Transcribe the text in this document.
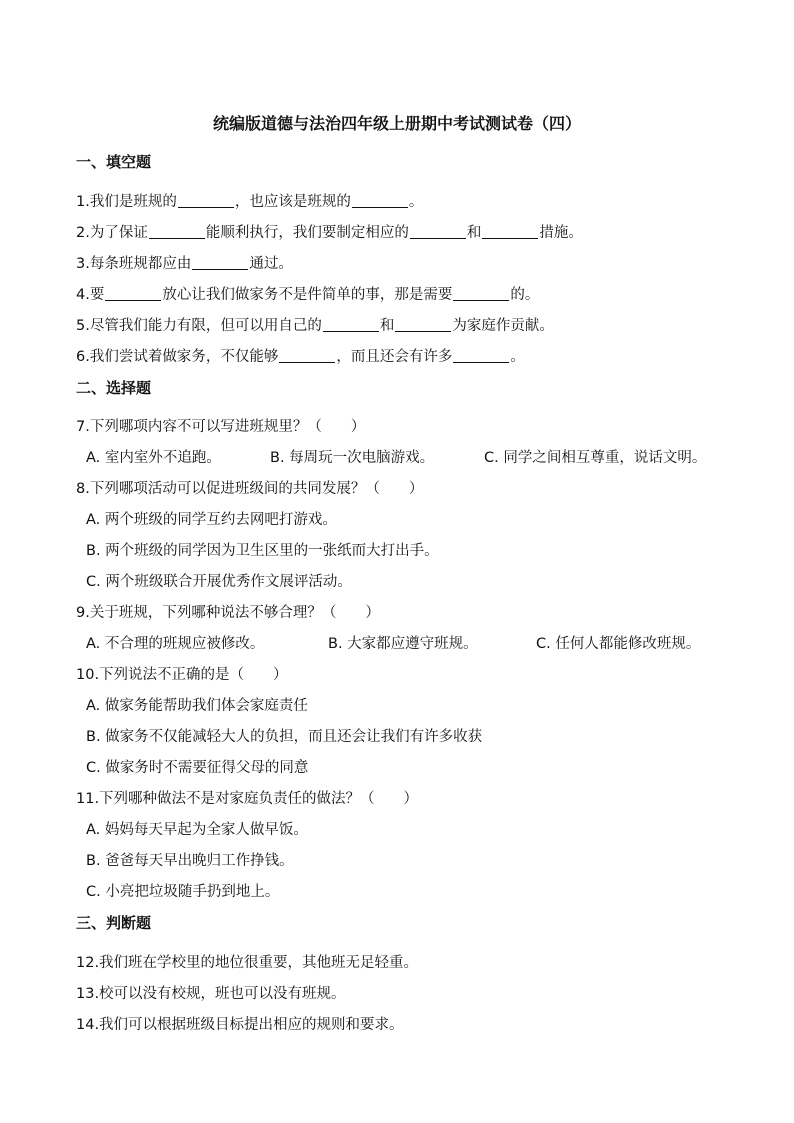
统编版道德与法治四年级上册期中考试测试卷（四）
一、填空题
1.我们是班规的	，也应该是班规的	。
2.为了保证	能顺利执行，我们要制定相应的	和	措施。
3.每条班规都应由	通过。
4.要	放心让我们做家务不是件简单的事，那是需要	的。
5.尽管我们能力有限，但可以用自己的	和	为家庭作贡献。
6.我们尝试着做家务，不仅能够	，而且还会有许多	。
二、选择题
7.下列哪项内容不可以写进班规里？（　　）
A. 室内室外不追跑。	B. 每周玩一次电脑游戏。	C. 同学之间相互尊重，说话文明。
8.下列哪项活动可以促进班级间的共同发展？（　　）
A. 两个班级的同学互约去网吧打游戏。
B. 两个班级的同学因为卫生区里的一张纸而大打出手。
C. 两个班级联合开展优秀作文展评活动。
9.关于班规，下列哪种说法不够合理？（　　）
A. 不合理的班规应被修改。	B. 大家都应遵守班规。	C. 任何人都能修改班规。
10.下列说法不正确的是（　　）
A. 做家务能帮助我们体会家庭责任
B. 做家务不仅能减轻大人的负担，而且还会让我们有许多收获
C. 做家务时不需要征得父母的同意
11.下列哪种做法不是对家庭负责任的做法？（　　）
A. 妈妈每天早起为全家人做早饭。
B. 爸爸每天早出晚归工作挣钱。
C. 小亮把垃圾随手扔到地上。
三、判断题
12.我们班在学校里的地位很重要，其他班无足轻重。
13.校可以没有校规，班也可以没有班规。
14.我们可以根据班级目标提出相应的规则和要求。
